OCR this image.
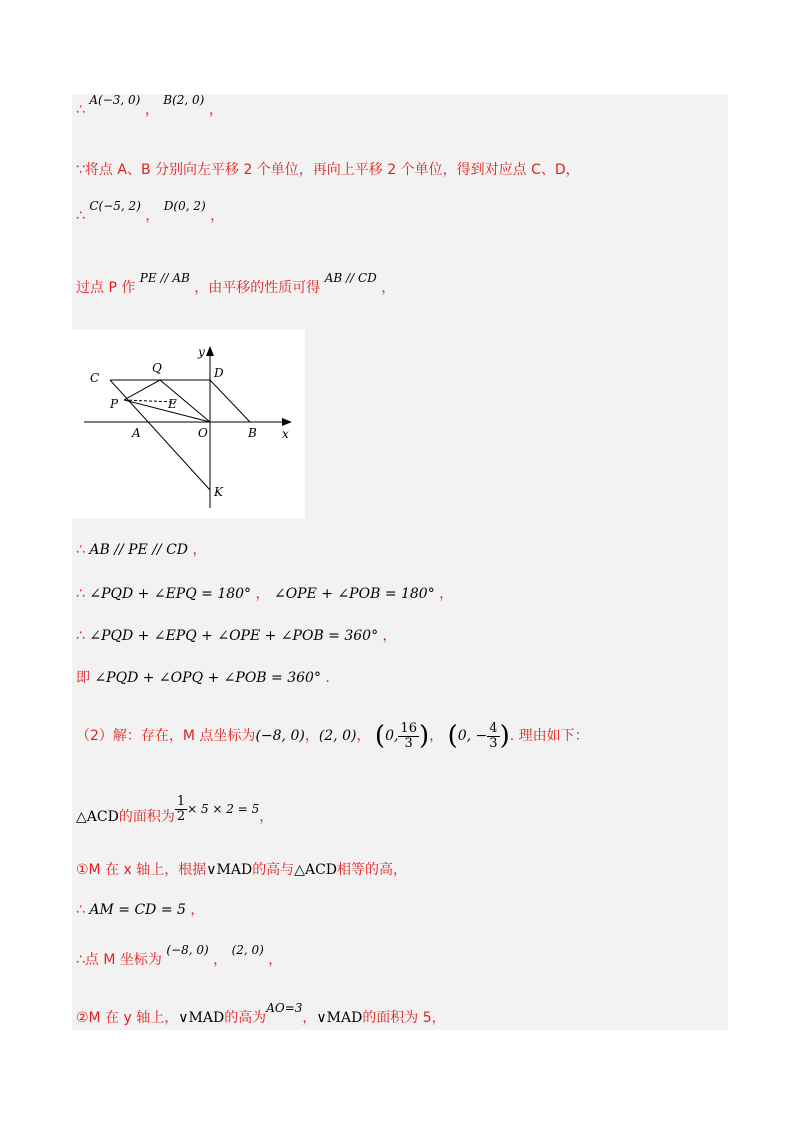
∴ A(−3, 0) ， B(2, 0) ，
∵将点 A、B 分别向左平移 2 个单位，再向上平移 2 个单位，得到对应点 C、D，
∴ C(−5, 2) ， D(0, 2) ，
过点 P 作 PE // AB ，由平移的性质可得 AB // CD ，
∴ AB // PE // CD ，
∴ ∠PQD + ∠EPQ = 180° ， ∠OPE + ∠POB = 180° ，
∴ ∠PQD + ∠EPQ + ∠OPE + ∠POB = 360° ，
即 ∠PQD + ∠OPQ + ∠POB = 360° .
（2）解：存在，M 点坐标为(−8, 0)，(2, 0)， (0, $\frac{16}{3}$ )， (0, − $\frac{4}{3}$ ). 理由如下：
△ACD的面积为 $\frac{1}{2} \times 5 \times 2 = 5$，
①M 在 x 轴上，根据∨MAD的高与△ACD相等的高，
∴ AM = CD = 5 ，
∴点 M 坐标为 (−8, 0) ， (2, 0) ，
②M 在 y 轴上，∨MAD的高为AO=3，∨MAD的面积为 5，
C
Q	D
y
P	E
A	O	B x
K
